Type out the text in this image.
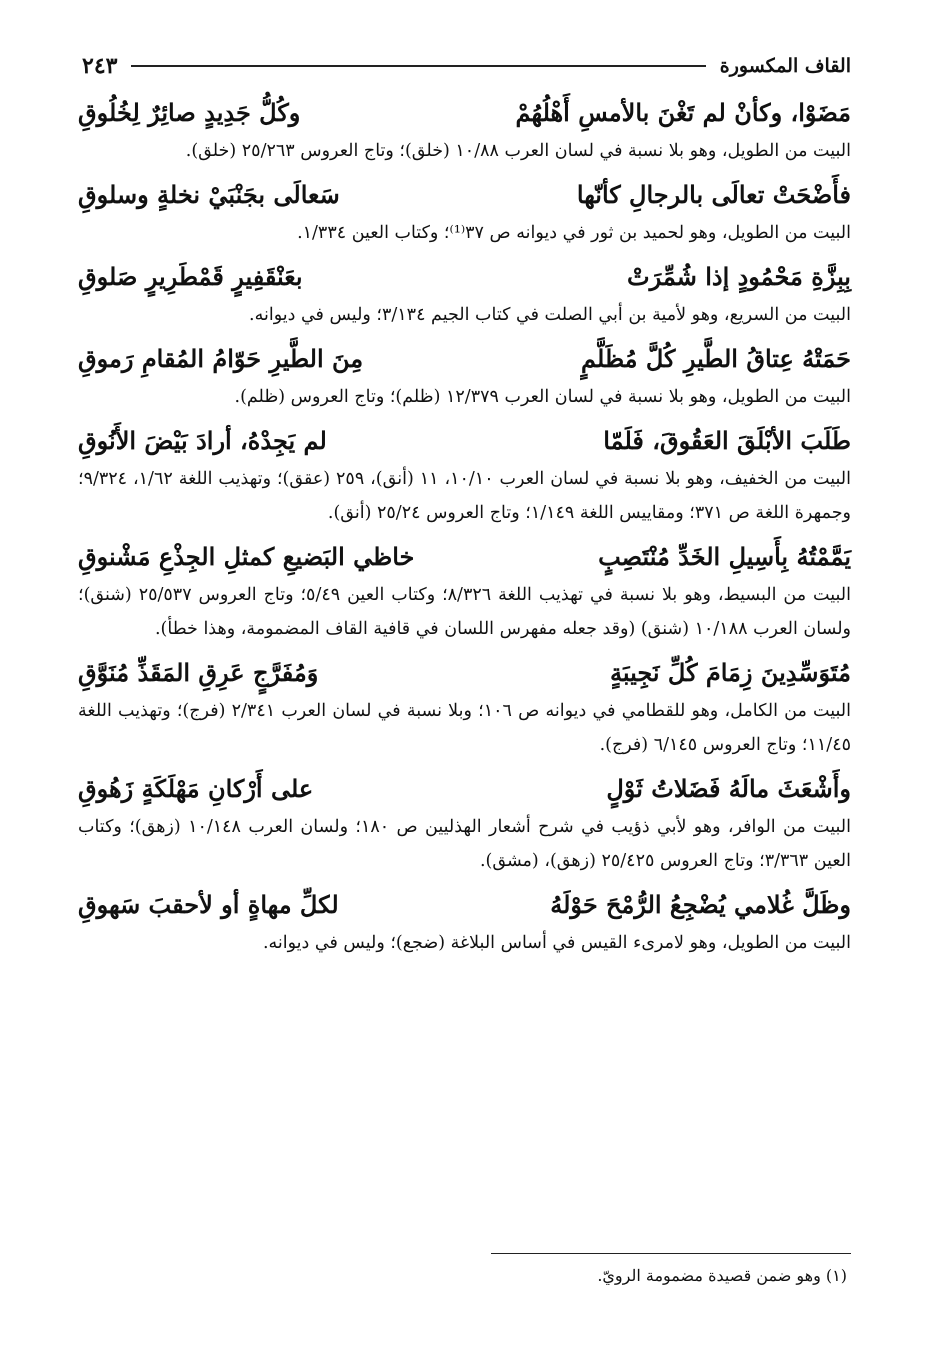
القاف المكسورة
٢٤٣
مَضَوْا، وكأنْ لم تَغْنَ بالأمسِ أَهْلُهُمْ
وكُلُّ جَدِيدٍ صائِرٌ لِخُلُوقِ

البيت من الطويل، وهو بلا نسبة في لسان العرب ١٠/٨٨ (خلق)؛ وتاج العروس ٢٥/٢٦٣ (خلق).

فأَضْحَتْ تعالَى بالرجالِ كأنّها
سَعالَى بجَنْبَيْ نخلةٍ وسلوقِ

البيت من الطويل، وهو لحميد بن ثور في ديوانه ص ٣٧⁽¹⁾؛ وكتاب العين ١/٣٣٤.

بِبِزَّةِ مَحْمُودٍ إذا شُمِّرَتْ
بعَنْقَفِيرٍ قَمْطَرِيرٍ صَلوقِ

البيت من السريع، وهو لأمية بن أبي الصلت في كتاب الجيم ٣/١٣٤؛ وليس في ديوانه.

حَمَتْهُ عِتاقُ الطَّيرِ كُلَّ مُظَلَّمٍ
مِنَ الطَّيرِ حَوّامُ المُقامِ رَموقِ

البيت من الطويل، وهو بلا نسبة في لسان العرب ١٢/٣٧٩ (ظلم)؛ وتاج العروس (ظلم).

طَلَبَ الأبْلَقَ العَقُوقَ، فَلَمّا
لم يَجِدْهُ، أرادَ بَيْضَ الأَنُوقِ

البيت من الخفيف، وهو بلا نسبة في لسان العرب ١٠/١٠، ١١ (أنق)، ٢٥٩ (عقق)؛ وتهذيب اللغة ١/٦٢، ٩/٣٢٤؛ وجمهرة اللغة ص ٣٧١؛ ومقاييس اللغة ١/١٤٩؛ وتاج العروس ٢٥/٢٤ (أنق).

يَمَّمْتُهُ بِأَسِيلِ الخَدِّ مُنْتَصِبٍ
خاظي البَضيعِ كمثلِ الجِذْعِ مَشْنوقِ

البيت من البسيط، وهو بلا نسبة في تهذيب اللغة ٨/٣٢٦؛ وكتاب العين ٥/٤٩؛ وتاج العروس ٢٥/٥٣٧ (شنق)؛ ولسان العرب ١٠/١٨٨ (شنق) (وقد جعله مفهرس اللسان في قافية القاف المضمومة، وهذا خطأ).

مُتَوَسِّدِينَ زِمَامَ كُلِّ نَجِيبَةٍ
وَمُفَرَّجٍ عَرِقِ المَقَذِّ مُنَوَّقِ

البيت من الكامل، وهو للقطامي في ديوانه ص ١٠٦؛ وبلا نسبة في لسان العرب ٢/٣٤١ (فرج)؛ وتهذيب اللغة ١١/٤٥؛ وتاج العروس ٦/١٤٥ (فرج).

وأَشْعَثَ مالَهُ فَضَلاتُ ثَوْلٍ
على أَرْكانِ مَهْلَكَةٍ زَهُوقِ

البيت من الوافر، وهو لأبي ذؤيب في شرح أشعار الهذليين ص ١٨٠؛ ولسان العرب ١٠/١٤٨ (زهق)؛ وكتاب العين ٣/٣٦٣؛ وتاج العروس ٢٥/٤٢٥ (زهق)، (مشق).

وظَلَّ غُلامي يُضْجِعُ الرُّمْحَ حَوْلَهُ
لكلِّ مهاةٍ أو لأحقبَ سَهوقِ

البيت من الطويل، وهو لامرىء القيس في أساس البلاغة (ضجع)؛ وليس في ديوانه.

(١) وهو ضمن قصيدة مضمومة الرويّ.
